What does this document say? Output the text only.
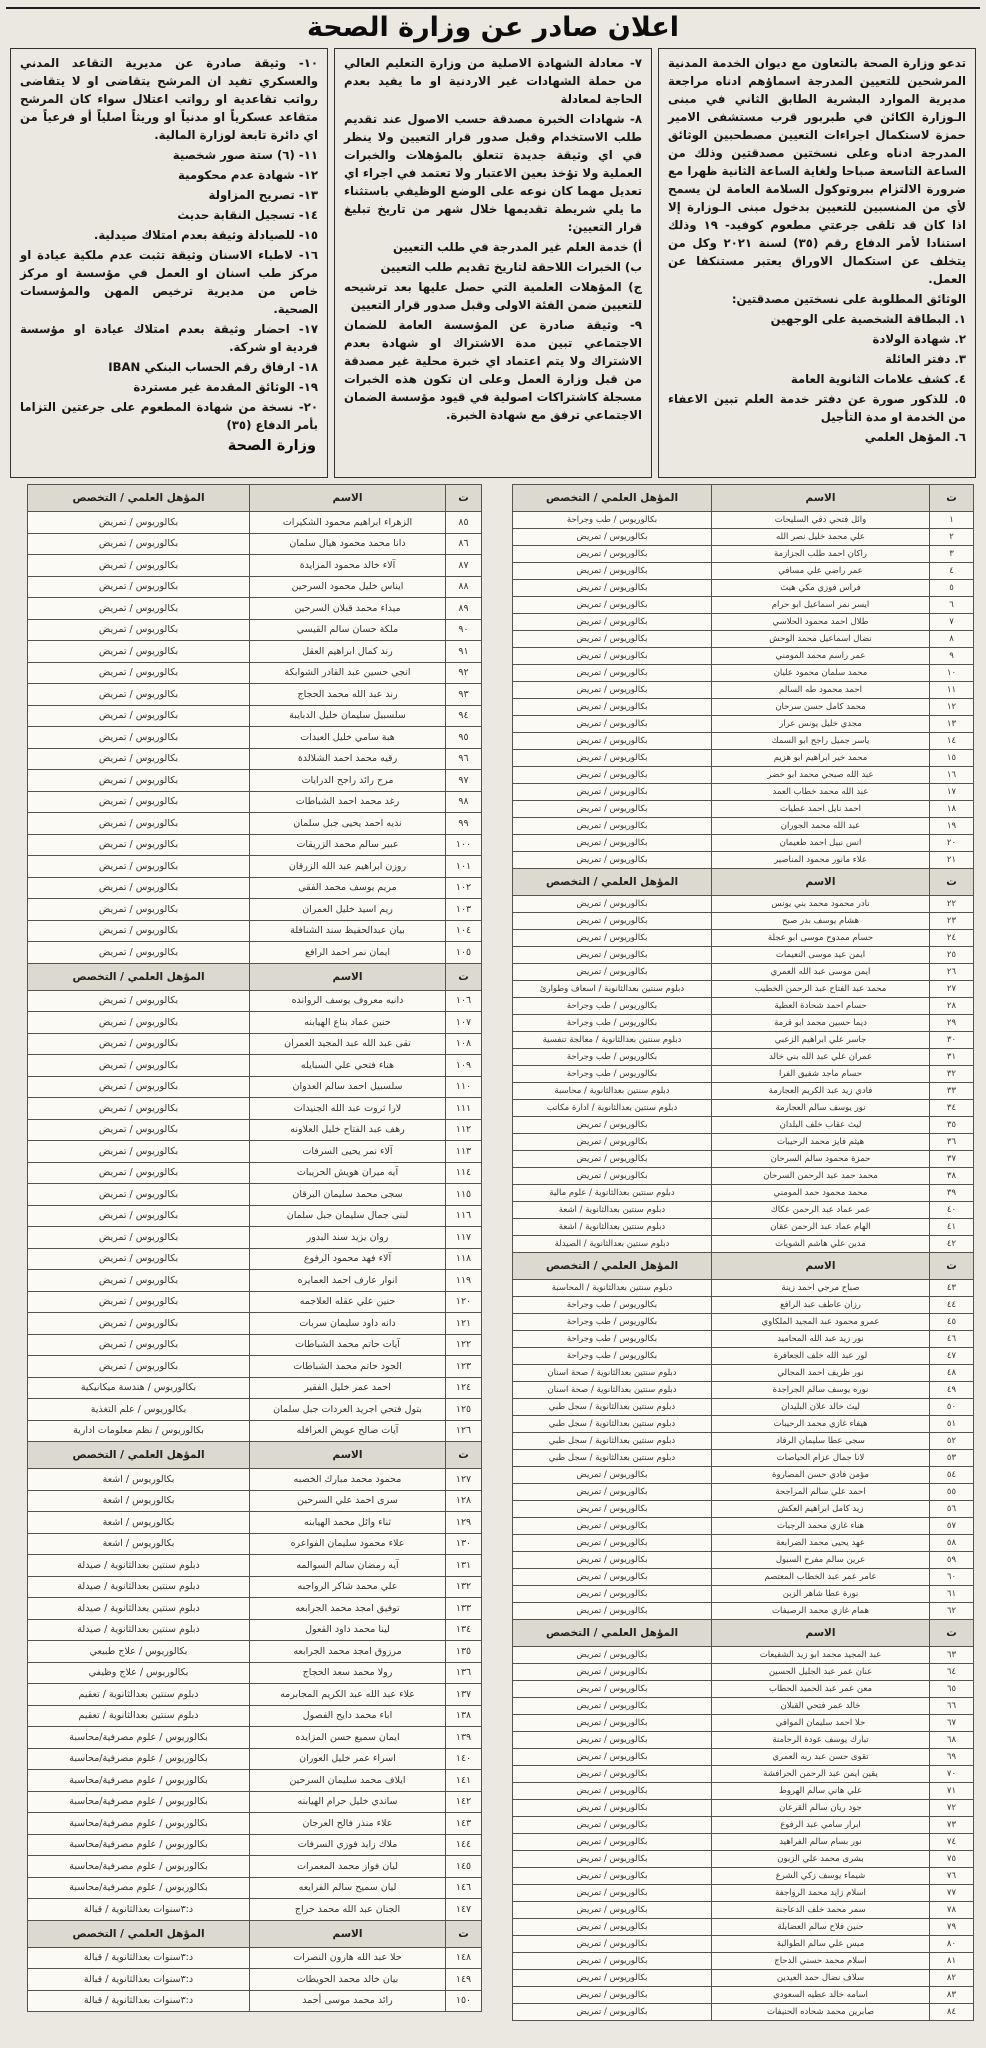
اعلان صادر عن وزارة الصحة

تدعو وزارة الصحة بالتعاون مع ديوان الخدمة المدنية المرشحين للتعيين المدرجة اسماؤهم ادناه مراجعة مديرية الموارد البشرية الطابق الثاني في مبنى الـوزارة الكائن في طبربور قرب مستشفى الامير حمزة لاستكمال اجراءات التعيين مصطحبين الوثائق المدرجة ادناه وعلى نسختين مصدقتين وذلك من الساعة التاسعة صباحا ولغاية الساعة الثانية ظهرا مع ضرورة الالتزام ببروتوكول السلامة العامة لن يسمح لأي من المنسبين للتعيين بدخول مبنى الـوزارة إلا اذا كان قد تلقى جرعتي مطعوم كوفيد- ١٩ وذلك استنادا لأمر الدفاع رقم (٣٥) لسنة ٢٠٢١ وكل من يتخلف عن استكمال الاوراق يعتبر مستنكفا عن العمل.

الوثائق المطلوبة على نسختين مصدقتين:

١. البطاقة الشخصية على الوجهين

٢. شهادة الولادة

٣. دفتر العائلة

٤. كشف علامات الثانوية العامة

٥. للذكور صورة عن دفتر خدمة العلم تبين الاعفاء من الخدمة او مدة التأجيل

٦. المؤهل العلمي

٧- معادلة الشهادة الاصلية من وزارة التعليم العالي من حملة الشهادات غير الاردنية او ما يفيد بعدم الحاجة لمعادلة

٨- شهادات الخبرة مصدقة حسب الاصول عند تقديم طلب الاستخدام وقبل صدور قرار التعيين ولا ينظر في اي وثيقة جديدة تتعلق بالمؤهلات والخبرات العملية ولا تؤخذ بعين الاعتبار ولا تعتمد في اجراء اي تعديل مهما كان نوعه على الوضع الوظيفي باستثناء ما يلي شريطة تقديمها خلال شهر من تاريخ تبليغ قرار التعيين:

أ) خدمة العلم غير المدرجة في طلب التعيين

ب) الخبرات اللاحقة لتاريخ تقديم طلب التعيين

ج) المؤهلات العلمية التي حصل عليها بعد ترشيحه للتعيين ضمن الفئة الاولى وقبل صدور قرار التعيين

٩- وثيقة صادرة عن المؤسسة العامة للضمان الاجتماعي تبين مدة الاشتراك او شهادة بعدم الاشتراك ولا يتم اعتماد اي خبرة محلية غير مصدقة من قبل وزارة العمل وعلى ان تكون هذه الخبرات مسجلة كاشتراكات اصولية في قيود مؤسسة الضمان الاجتماعي ترفق مع شهادة الخبرة.

١٠- وثيقة صادرة عن مديرية التقاعد المدني والعسكري تفيد ان المرشح يتقاضى او لا يتقاضى رواتب تقاعدية او رواتب اعتلال سواء كان المرشح متقاعد عسكرياً او مدنياً او وريثاً اصلياً أو فرعياً من اي دائرة تابعة لوزارة المالية.

١١- (٦) ستة صور شخصية

١٢- شهادة عدم محكومية

١٣- تصريح المزاولة

١٤- تسجيل النقابة حديث

١٥- للصيادلة وثيقة بعدم امتلاك صيدلية.

١٦- لاطباء الاسنان وثيقة تثبت عدم ملكية عيادة او مركز طب اسنان او العمل في مؤسسة او مركز خاص من مديرية ترخيص المهن والمؤسسات الصحية.

١٧- احضار وثيقة بعدم امتلاك عيادة او مؤسسة فردية او شركة.

١٨- ارفاق رقم الحساب البنكي IBAN

١٩- الوثائق المقدمة غير مستردة

٢٠- نسخة من شهادة المطعوم على جرعتين التزاما بأمر الدفاع (٣٥)

وزارة الصحة

ت	الاسم	المؤهل العلمي / التخصص
١	وائل فتحي دقي السليحات	بكالوريوس / طب وجراحة
٢	علي محمد خليل نصر الله	بكالوريوس / تمريض
٣	راكان احمد طلب الجزازمة	بكالوريوس / تمريض
٤	عمر راضي علي مسافي	بكالوريوس / تمريض
٥	فراس فوزي مكي هيث	بكالوريوس / تمريض
٦	ايسر نمر اسماعيل ابو حرام	بكالوريوس / تمريض
٧	طلال احمد محمود الحلاسي	بكالوريوس / تمريض
٨	نضال اسماعيل محمد الوحش	بكالوريوس / تمريض
٩	عمر راسم محمد المومني	بكالوريوس / تمريض
١٠	محمد سلمان محمود عليان	بكالوريوس / تمريض
١١	احمد محمود طه السالم	بكالوريوس / تمريض
١٢	محمد كامل حسن سرحان	بكالوريوس / تمريض
١٣	مجدي خليل يونس عرار	بكالوريوس / تمريض
١٤	ياسر جميل راجح ابو السمك	بكالوريوس / تمريض
١٥	محمد خير ابراهيم ابو هزيم	بكالوريوس / تمريض
١٦	عبد الله صبحي محمد ابو خضر	بكالوريوس / تمريض
١٧	عبد الله محمد خطاب العمد	بكالوريوس / تمريض
١٨	احمد نايل احمد عطيات	بكالوريوس / تمريض
١٩	عبد الله محمد الجوران	بكالوريوس / تمريض
٢٠	انس نبيل احمد طعيمان	بكالوريوس / تمريض
٢١	علاء مانور محمود المناصير	بكالوريوس / تمريض
ت	الاسم	المؤهل العلمي / التخصص
٢٢	نادر محمود محمد بني يونس	بكالوريوس / تمريض
٢٣	هشام يوسف بدر صبح	بكالوريوس / تمريض
٢٤	حسام ممدوح موسى ابو عجلة	بكالوريوس / تمريض
٢٥	ايمن عيد موسى النعيمات	بكالوريوس / تمريض
٢٦	ايمن موسى عبد الله العمري	بكالوريوس / تمريض
٢٧	محمد عبد الفتاح عبد الرحمن الخطيب	دبلوم سنتين بعدالثانوية / اسعاف وطوارئ
٢٨	حسام احمد شحادة العطية	بكالوريوس / طب وجراحة
٢٩	ديما حسين محمد ابو قرمة	بكالوريوس / طب وجراحة
٣٠	جاسر علي ابراهيم الزعبي	دبلوم سنتين بعدالثانوية / معالجة تنفسية
٣١	عمران علي عبد الله بني خالد	بكالوريوس / طب وجراحة
٣٢	حسام ماجد شفيق الفرا	بكالوريوس / طب وجراحة
٣٣	فادي زيد عبد الكريم العجارمة	دبلوم سنتين بعدالثانوية / محاسبة
٣٤	نور يوسف سالم العجارمة	دبلوم سنتين بعدالثانوية / ادارة مكاتب
٣٥	ليث عقاب خلف البلدان	بكالوريوس / تمريض
٣٦	هيثم فايز محمد الرحيبات	بكالوريوس / تمريض
٣٧	حمزة محمود سالم السرحان	بكالوريوس / تمريض
٣٨	محمد حمد عبد الرحمن السرحان	بكالوريوس / تمريض
٣٩	محمد محمود حمد المومني	دبلوم سنتين بعدالثانوية / علوم مالية
٤٠	عمر عماد عبد الرحمن عكاك	دبلوم سنتين بعدالثانوية / اشعة
٤١	الهام عماد عبد الرحمن عقان	دبلوم سنتين بعدالثانوية / اشعة
٤٢	مدين علي هاشم الشويات	دبلوم سنتين بعدالثانوية / الصيدلة
ت	الاسم	المؤهل العلمي / التخصص
٤٣	صباح مرجي احمد زينة	دبلوم سنتين بعدالثانوية / المحاسبة
٤٤	رزان عاطف عبد الرافع	بكالوريوس / طب وجراحة
٤٥	عمرو محمود عبد المجيد الملكاوي	بكالوريوس / طب وجراحة
٤٦	نور زيد عبد الله المحاميد	بكالوريوس / طب وجراحة
٤٧	لور عبد الله خلف الجعافرة	بكالوريوس / طب وجراحة
٤٨	نور ظريف احمد المجالي	دبلوم سنتين بعدالثانوية / صحة اسنان
٤٩	نوره يوسف سالم الجراجدة	دبلوم سنتين بعدالثانوية / صحة اسنان
٥٠	ليث خالد علان البليدان	دبلوم سنتين بعدالثانوية / سجل طبي
٥١	هيفاء غازي محمد الرحيبات	دبلوم سنتين بعدالثانوية / سجل طبي
٥٢	سجى عطا سليمان الرقاد	دبلوم سنتين بعدالثانوية / سجل طبي
٥٣	لانا جمال عزام الحياصات	دبلوم سنتين بعدالثانوية / سجل طبي
٥٤	مؤمن فادي حسن المصاروة	بكالوريوس / تمريض
٥٥	احمد علي سالم المراجحة	بكالوريوس / تمريض
٥٦	زيد كامل ابراهيم العكش	بكالوريوس / تمريض
٥٧	هناء غازي محمد الرجبات	بكالوريوس / تمريض
٥٨	عهد يحيى محمد الضرابعة	بكالوريوس / تمريض
٥٩	عرين سالم مفرح السبول	بكالوريوس / تمريض
٦٠	عامر عمر عبد الخطاب المعتصم	بكالوريوس / تمريض
٦١	نورة عطا شاهر الزبن	بكالوريوس / تمريض
٦٢	همام غازي محمد الرصيفات	بكالوريوس / تمريض
ت	الاسم	المؤهل العلمي / التخصص
٦٣	عبد المجيد محمد ابو زيد الشفيعات	بكالوريوس / تمريض
٦٤	عنان عمر عبد الجليل الحسين	بكالوريوس / تمريض
٦٥	معن عمر عبد الحميد الحطاب	بكالوريوس / تمريض
٦٦	خالد عمر فتحي القبلان	بكالوريوس / تمريض
٦٧	حلا احمد سليمان الموافي	بكالوريوس / تمريض
٦٨	تبارك يوسف عودة الرحامنة	بكالوريوس / تمريض
٦٩	تقوى حسن عبد ربه العمري	بكالوريوس / تمريض
٧٠	يقين ايمن عبد الرحمن الحرافشة	بكالوريوس / تمريض
٧١	علي هاني سالم الهروط	بكالوريوس / تمريض
٧٢	جود ريان سالم القرعان	بكالوريوس / تمريض
٧٣	ابرار سامي عبد الرفوع	بكالوريوس / تمريض
٧٤	نور بسام سالم الفراهيد	بكالوريوس / تمريض
٧٥	بشرى محمد علي الزبون	بكالوريوس / تمريض
٧٦	شيماء يوسف زكي الشرع	بكالوريوس / تمريض
٧٧	اسلام زايد محمد الرواجفة	بكالوريوس / تمريض
٧٨	سمر محمد خلف الدعاجنة	بكالوريوس / تمريض
٧٩	حنين فلاح سالم العضايلة	بكالوريوس / تمريض
٨٠	ميس علي سالم الطوالبة	بكالوريوس / تمريض
٨١	اسلام محمد حسني الدحاج	بكالوريوس / تمريض
٨٢	سلاف نضال حمد العيدين	بكالوريوس / تمريض
٨٣	اسامه خالد عطيه السعودي	بكالوريوس / تمريض
٨٤	صابرين محمد شحاده الحنيفات	بكالوريوس / تمريض
ت	الاسم	المؤهل العلمي / التخصص
٨٥	الزهراء ابراهيم محمود الشكيرات	بكالوريوس / تمريض
٨٦	دانا محمد محمود هيال سلمان	بكالوريوس / تمريض
٨٧	آلاء خالد محمود المزايدة	بكالوريوس / تمريض
٨٨	ايناس خليل محمود السرحين	بكالوريوس / تمريض
٨٩	ميداء محمد قبلان السرحين	بكالوريوس / تمريض
٩٠	ملكة حسان سالم القيسي	بكالوريوس / تمريض
٩١	رند كمال ابراهيم العقل	بكالوريوس / تمريض
٩٢	انجي حسين عبد القادر الشوابكة	بكالوريوس / تمريض
٩٣	رند عبد الله محمد الحجاج	بكالوريوس / تمريض
٩٤	سلسبيل سليمان خليل الدبايبة	بكالوريوس / تمريض
٩٥	هبة سامي خليل العبدات	بكالوريوس / تمريض
٩٦	رقيه محمد احمد الشلالدة	بكالوريوس / تمريض
٩٧	مرح رائد راجح الدرايات	بكالوريوس / تمريض
٩٨	رغد محمد احمد الشباطات	بكالوريوس / تمريض
٩٩	نديه احمد يحيى جبل سلمان	بكالوريوس / تمريض
١٠٠	عبير سالم محمد الزريقات	بكالوريوس / تمريض
١٠١	روزن ابراهيم عبد الله الزرقان	بكالوريوس / تمريض
١٠٢	مريم يوسف محمد الفقي	بكالوريوس / تمريض
١٠٣	ريم اسيد خليل العمران	بكالوريوس / تمريض
١٠٤	بيان عبدالحفيظ سند الشنافلة	بكالوريوس / تمريض
١٠٥	ايمان نمر احمد الرافع	بكالوريوس / تمريض
ت	الاسم	المؤهل العلمي / التخصص
١٠٦	دانيه معروف يوسف الروانده	بكالوريوس / تمريض
١٠٧	حنين عماد بناع الهيابنه	بكالوريوس / تمريض
١٠٨	تقى عبد الله عبد المجيد العمران	بكالوريوس / تمريض
١٠٩	هناء فتحي علي السبايله	بكالوريوس / تمريض
١١٠	سلسبيل احمد سالم العدوان	بكالوريوس / تمريض
١١١	لارا ثروت عبد الله الجنيدات	بكالوريوس / تمريض
١١٢	رهف عبد الفتاح خليل العلاونه	بكالوريوس / تمريض
١١٣	آلاء نمر يحيى السرفات	بكالوريوس / تمريض
١١٤	آيه ميران هويش الحريبات	بكالوريوس / تمريض
١١٥	سجى محمد سليمان البرقان	بكالوريوس / تمريض
١١٦	لبنى جمال سليمان جبل سلمان	بكالوريوس / تمريض
١١٧	روان يزيد سند البدور	بكالوريوس / تمريض
١١٨	آلاء فهد محمود الرفوع	بكالوريوس / تمريض
١١٩	انوار عارف احمد العمايره	بكالوريوس / تمريض
١٢٠	حنين علي عقله العلاجمه	بكالوريوس / تمريض
١٢١	دانه داود سليمان سربات	بكالوريوس / تمريض
١٢٢	آيات حاتم محمد الشباطات	بكالوريوس / تمريض
١٢٣	الجود حاتم محمد الشباطات	بكالوريوس / تمريض
١٢٤	احمد عمر خليل الفقير	بكالوريوس / هندسة ميكانيكية
١٢٥	بتول فتحي اجريد العردات جبل سلمان	بكالوريوس / علم التغذية
١٢٦	آيات صالح عويض العرافله	بكالوريوس / نظم معلومات ادارية
ت	الاسم	المؤهل العلمي / التخصص
١٢٧	محمود محمد مبارك الخصبه	بكالوريوس / اشعة
١٢٨	سرى احمد علي السرحين	بكالوريوس / اشعة
١٢٩	ثناء وائل محمد الهيابنه	بكالوريوس / اشعة
١٣٠	علاء محمود سليمان الفواعره	بكالوريوس / اشعة
١٣١	آيه رمضان سالم السوالمه	دبلوم سنتين بعدالثانوية / صيدلة
١٣٢	علي محمد شاكر الرواجبه	دبلوم سنتين بعدالثانوية / صيدلة
١٣٣	توفيق امجد محمد الجرابعه	دبلوم سنتين بعدالثانوية / صيدلة
١٣٤	لينا محمد داود القعول	دبلوم سنتين بعدالثانوية / صيدلة
١٣٥	مرزوق امجد محمد الجرابعه	بكالوريوس / علاج طبيعي
١٣٦	رولا محمد سعد الحجاج	بكالوريوس / علاج وظيفي
١٣٧	علاء عبد الله عبد الكريم المجابرمه	دبلوم سنتين بعدالثانوية / تعقيم
١٣٨	اباء محمد دايح الفصول	دبلوم سنتين بعدالثانوية / تعقيم
١٣٩	ايمان سميع حسن المزايده	بكالوريوس / علوم مصرفية/محاسبة
١٤٠	اسراء عمر خليل العوران	بكالوريوس / علوم مصرفية/محاسبة
١٤١	ايلاف محمد سليمان السرحين	بكالوريوس / علوم مصرفية/محاسبة
١٤٢	ساندي خليل حرام الهيابنه	بكالوريوس / علوم مصرفية/محاسبة
١٤٣	علاء منذر فالح العرجان	بكالوريوس / علوم مصرفية/محاسبة
١٤٤	ملاك زايد فوزي السرفات	بكالوريوس / علوم مصرفية/محاسبة
١٤٥	ليان فواز محمد المعمرات	بكالوريوس / علوم مصرفية/محاسبة
١٤٦	ليان سميح سالم الفرايعه	بكالوريوس / علوم مصرفية/محاسبة
١٤٧	الجنان عبد الله محمد حراج	د:٣سنوات بعدالثانوية / قبالة
ت	الاسم	المؤهل العلمي / التخصص
١٤٨	حلا عبد الله هارون النصرات	د:٣سنوات بعدالثانوية / قبالة
١٤٩	بيان خالد محمد الحويطات	د:٣سنوات بعدالثانوية / قبالة
١٥٠	رائد محمد موسى أحمد	د:٣سنوات بعدالثانوية / قبالة
